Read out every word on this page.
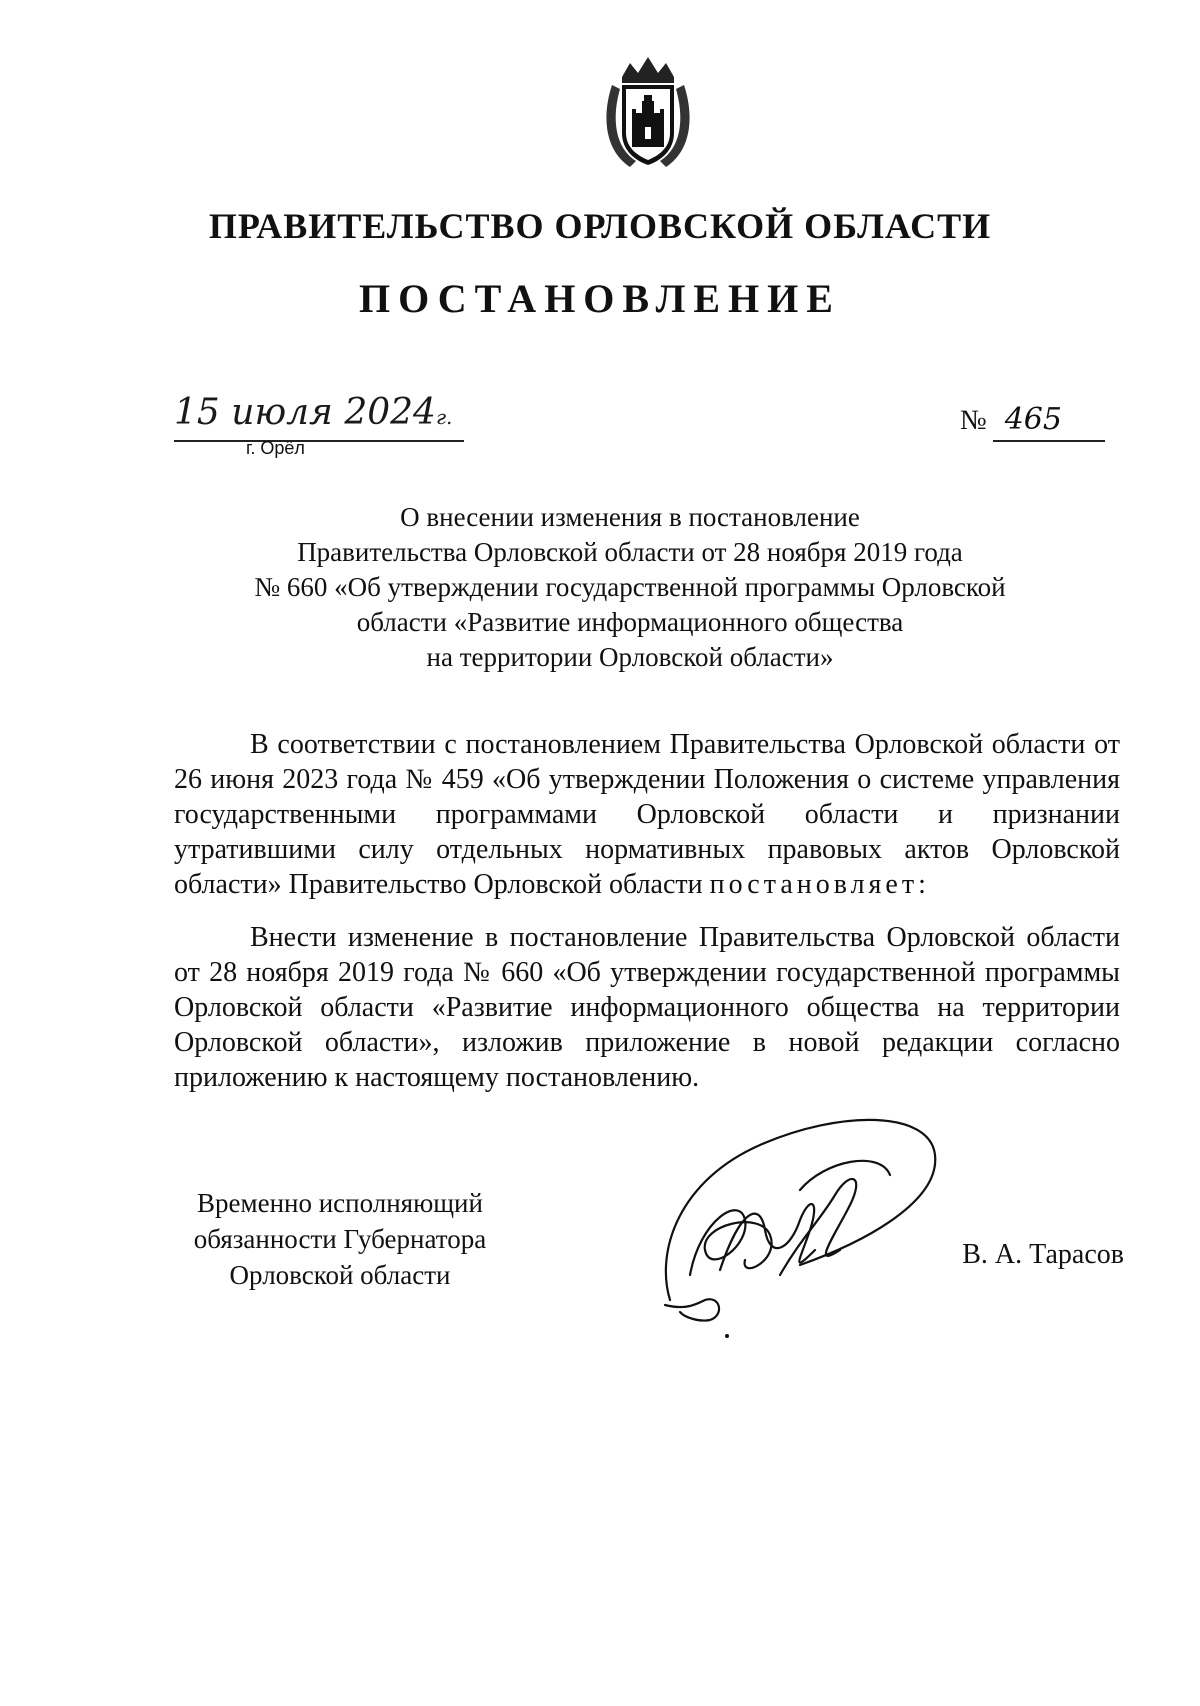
ПРАВИТЕЛЬСТВО ОРЛОВСКОЙ ОБЛАСТИ
ПОСТАНОВЛЕНИЕ
15 июля 2024г.
г. Орёл
№ 465
О внесении изменения в постановление
Правительства Орловской области от 28 ноября 2019 года
№ 660 «Об утверждении государственной программы Орловской
области «Развитие информационного общества
на территории Орловской области»
В соответствии с постановлением Правительства Орловской области от 26 июня 2023 года № 459 «Об утверждении Положения о системе управления государственными программами Орловской области и признании утратившими силу отдельных нормативных правовых актов Орловской области» Правительство Орловской области постановляет:
Внести изменение в постановление Правительства Орловской области от 28 ноября 2019 года № 660 «Об утверждении государственной программы Орловской области «Развитие информационного общества на территории Орловской области», изложив приложение в новой редакции согласно приложению к настоящему постановлению.
Временно исполняющий
обязанности Губернатора
Орловской области
В. А. Тарасов
